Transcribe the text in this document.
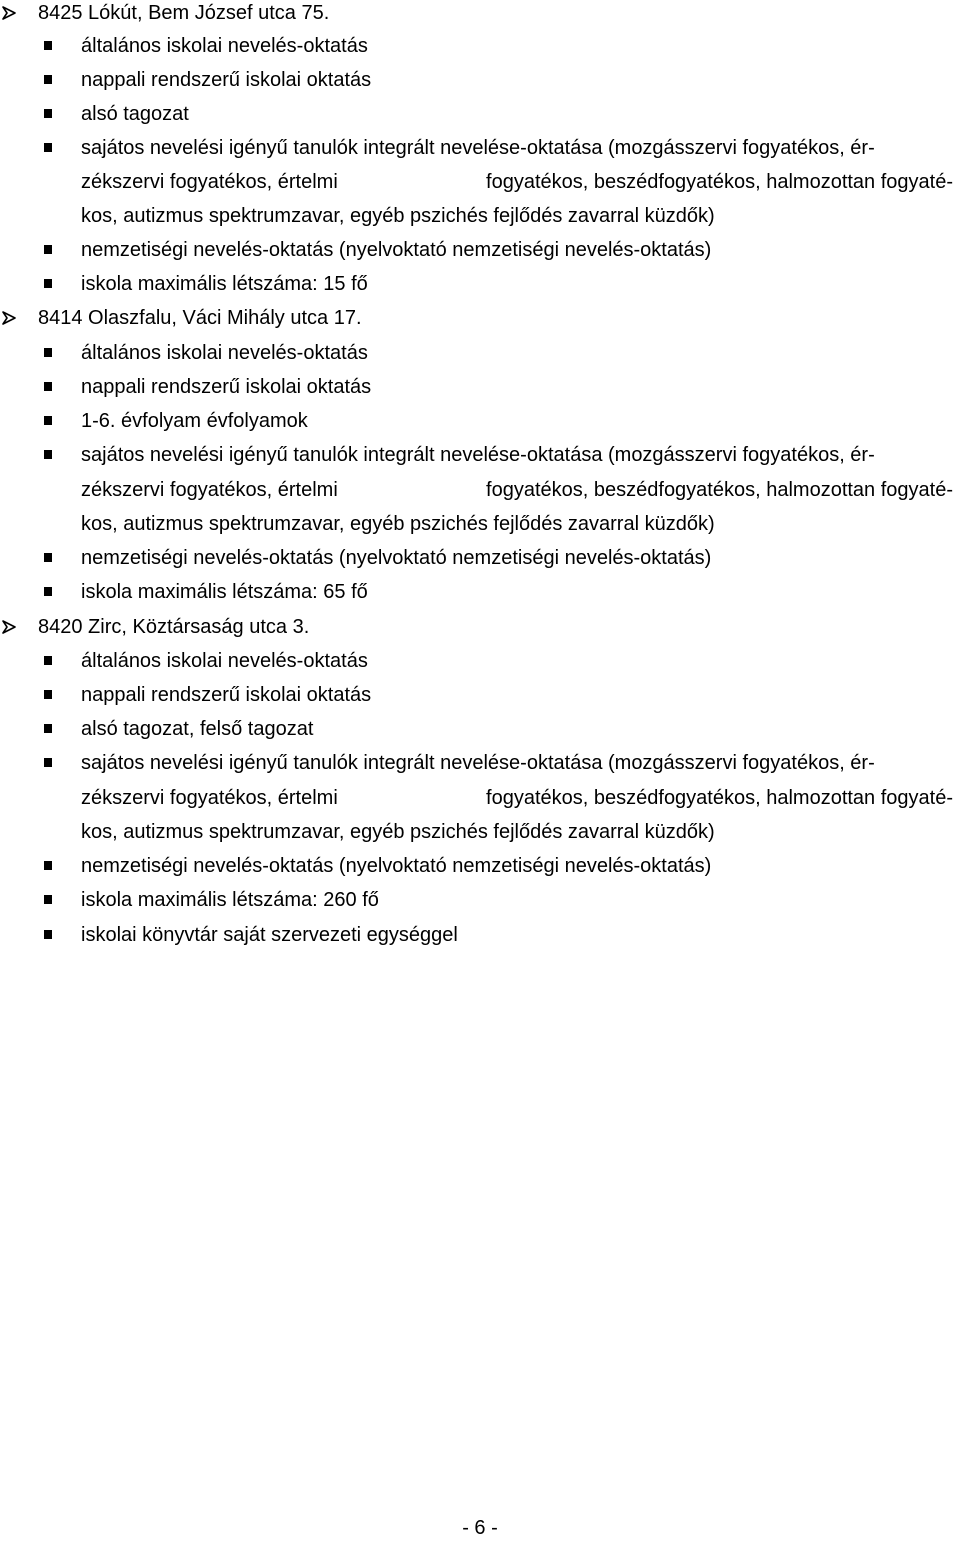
8425 Lókút, Bem József utca 75.
általános iskolai nevelés-oktatás
nappali rendszerű iskolai oktatás
alsó tagozat
sajátos nevelési igényű tanulók integrált nevelése-oktatása (mozgásszervi fogyatékos, ér-
zékszervi fogyatékos, értelmi	fogyatékos, beszédfogyatékos, halmozottan fogyaté-
kos, autizmus spektrumzavar, egyéb pszichés fejlődés zavarral küzdők)
nemzetiségi nevelés-oktatás (nyelvoktató nemzetiségi nevelés-oktatás)
iskola maximális létszáma: 15 fő
8414 Olaszfalu, Váci Mihály utca 17.
általános iskolai nevelés-oktatás
nappali rendszerű iskolai oktatás
1-6. évfolyam évfolyamok
sajátos nevelési igényű tanulók integrált nevelése-oktatása (mozgásszervi fogyatékos, ér-
zékszervi fogyatékos, értelmi	fogyatékos, beszédfogyatékos, halmozottan fogyaté-
kos, autizmus spektrumzavar, egyéb pszichés fejlődés zavarral küzdők)
nemzetiségi nevelés-oktatás (nyelvoktató nemzetiségi nevelés-oktatás)
iskola maximális létszáma: 65 fő
8420 Zirc, Köztársaság utca 3.
általános iskolai nevelés-oktatás
nappali rendszerű iskolai oktatás
alsó tagozat, felső tagozat
sajátos nevelési igényű tanulók integrált nevelése-oktatása (mozgásszervi fogyatékos, ér-
zékszervi fogyatékos, értelmi	fogyatékos, beszédfogyatékos, halmozottan fogyaté-
kos, autizmus spektrumzavar, egyéb pszichés fejlődés zavarral küzdők)
nemzetiségi nevelés-oktatás (nyelvoktató nemzetiségi nevelés-oktatás)
iskola maximális létszáma: 260 fő
iskolai könyvtár saját szervezeti egységgel
- 6 -
